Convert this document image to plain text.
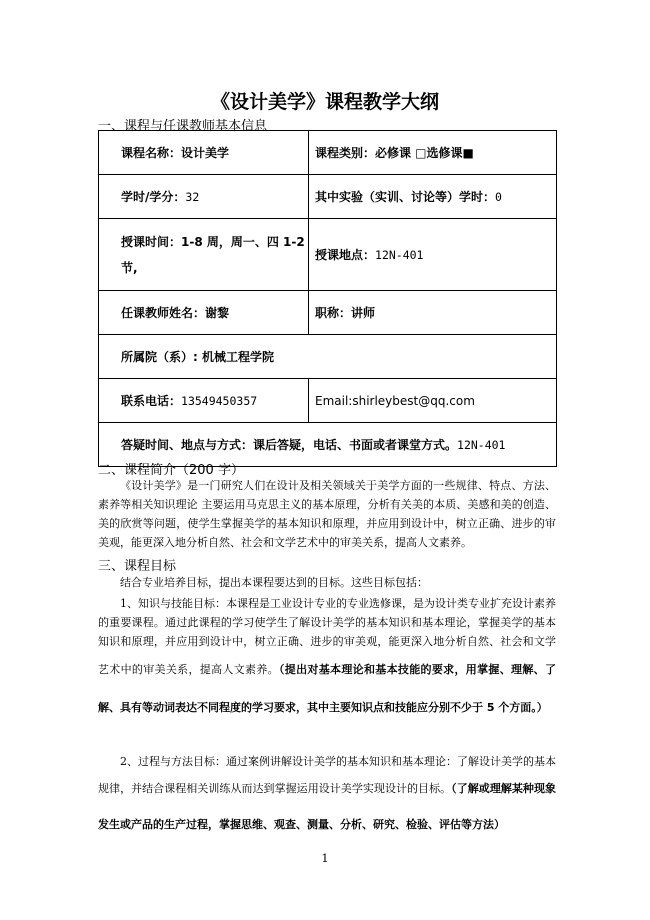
《设计美学》课程教学大纲
一、课程与任课教师基本信息
课程名称：设计美学	课程类别：必修课 □选修课■
学时/学分：32	其中实验（实训、讨论等）学时：0
授课时间：1-8 周，周一、四 1-2 节,	授课地点：12N-401
任课教师姓名：谢黎	职称：讲师
所属院（系）: 机械工程学院	
联系电话：13549450357	Email:shirleybest@qq.com
答疑时间、地点与方式：课后答疑，电话、书面或者课堂方式。12N-401	
二、课程简介（200 字）
《设计美学》是一门研究人们在设计及相关领域关于美学方面的一些规律、特点、方法、素养等相关知识理论 主要运用马克思主义的基本原理，分析有关美的本质、美感和美的创造、美的欣赏等问题，使学生掌握美学的基本知识和原理，并应用到设计中，树立正确、进步的审美观，能更深入地分析自然、社会和文学艺术中的审美关系，提高人文素养。
三、课程目标
结合专业培养目标，提出本课程要达到的目标。这些目标包括：
1、知识与技能目标：本课程是工业设计专业的专业选修课，是为设计类专业扩充设计素养的重要课程。通过此课程的学习使学生了解设计美学的基本知识和基本理论，掌握美学的基本知识和原理，并应用到设计中，树立正确、进步的审美观，能更深入地分析自然、社会和文学艺术中的审美关系，提高人文素养。（提出对基本理论和基本技能的要求，用掌握、理解、了解、具有等动词表达不同程度的学习要求，其中主要知识点和技能应分别不少于 5 个方面。）
2、过程与方法目标：通过案例讲解设计美学的基本知识和基本理论：了解设计美学的基本规律，并结合课程相关训练从而达到掌握运用设计美学实现设计的目标。（了解或理解某种现象发生或产品的生产过程，掌握思维、观查、测量、分析、研究、检验、评估等方法）
1
